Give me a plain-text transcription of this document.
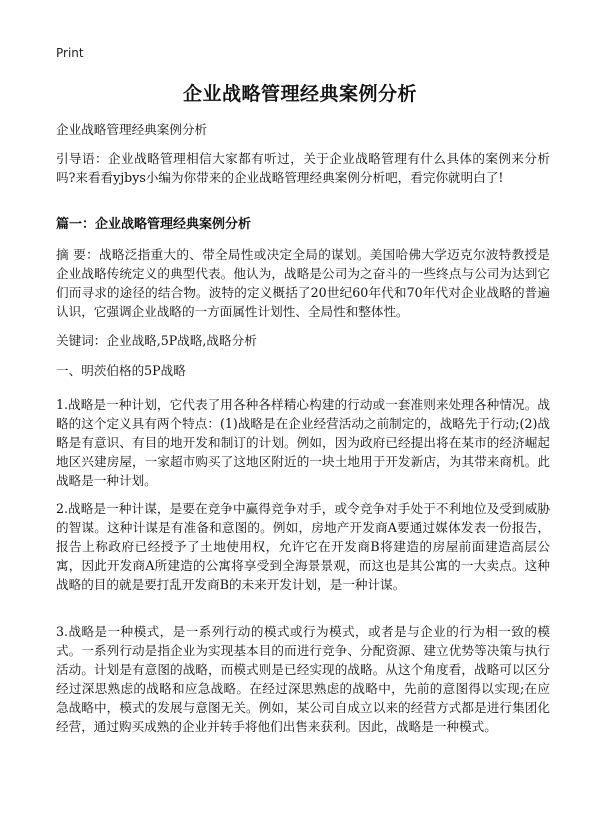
Print
企业战略管理经典案例分析

企业战略管理经典案例分析

引导语：企业战略管理相信大家都有听过，关于企业战略管理有什么具体的案例来分析吗?来看看yjbys小编为你带来的企业战略管理经典案例分析吧，看完你就明白了!

篇一：企业战略管理经典案例分析

摘 要：战略泛指重大的、带全局性或决定全局的谋划。美国哈佛大学迈克尔波特教授是企业战略传统定义的典型代表。他认为，战略是公司为之奋斗的一些终点与公司为达到它们而寻求的途径的结合物。波特的定义概括了20世纪60年代和70年代对企业战略的普遍认识，它强调企业战略的一方面属性计划性、全局性和整体性。

关键词：企业战略,5P战略,战略分析

一、明茨伯格的5P战略

1.战略是一种计划，它代表了用各种各样精心构建的行动或一套准则来处理各种情况。战略的这个定义具有两个特点：(1)战略是在企业经营活动之前制定的，战略先于行动;(2)战略是有意识、有目的地开发和制订的计划。例如，因为政府已经提出将在某市的经济崛起地区兴建房屋，一家超市购买了这地区附近的一块土地用于开发新店，为其带来商机。此战略是一种计划。

2.战略是一种计谋，是要在竞争中赢得竞争对手，或令竞争对手处于不利地位及受到威胁的智谋。这种计谋是有准备和意图的。例如，房地产开发商A要通过媒体发表一份报告，报告上称政府已经授予了土地使用权，允许它在开发商B将建造的房屋前面建造高层公寓，因此开发商A所建造的公寓将享受到全海景景观，而这也是其公寓的一大卖点。这种战略的目的就是要打乱开发商B的未来开发计划，是一种计谋。

3.战略是一种模式，是一系列行动的模式或行为模式，或者是与企业的行为相一致的模式。一系列行动是指企业为实现基本目的而进行竞争、分配资源、建立优势等决策与执行活动。计划是有意图的战略，而模式则是已经实现的战略。从这个角度看，战略可以区分经过深思熟虑的战略和应急战略。在经过深思熟虑的战略中，先前的意图得以实现;在应急战略中，模式的发展与意图无关。例如，某公司自成立以来的经营方式都是进行集团化经营，通过购买成熟的企业并转手将他们出售来获利。因此，战略是一种模式。
